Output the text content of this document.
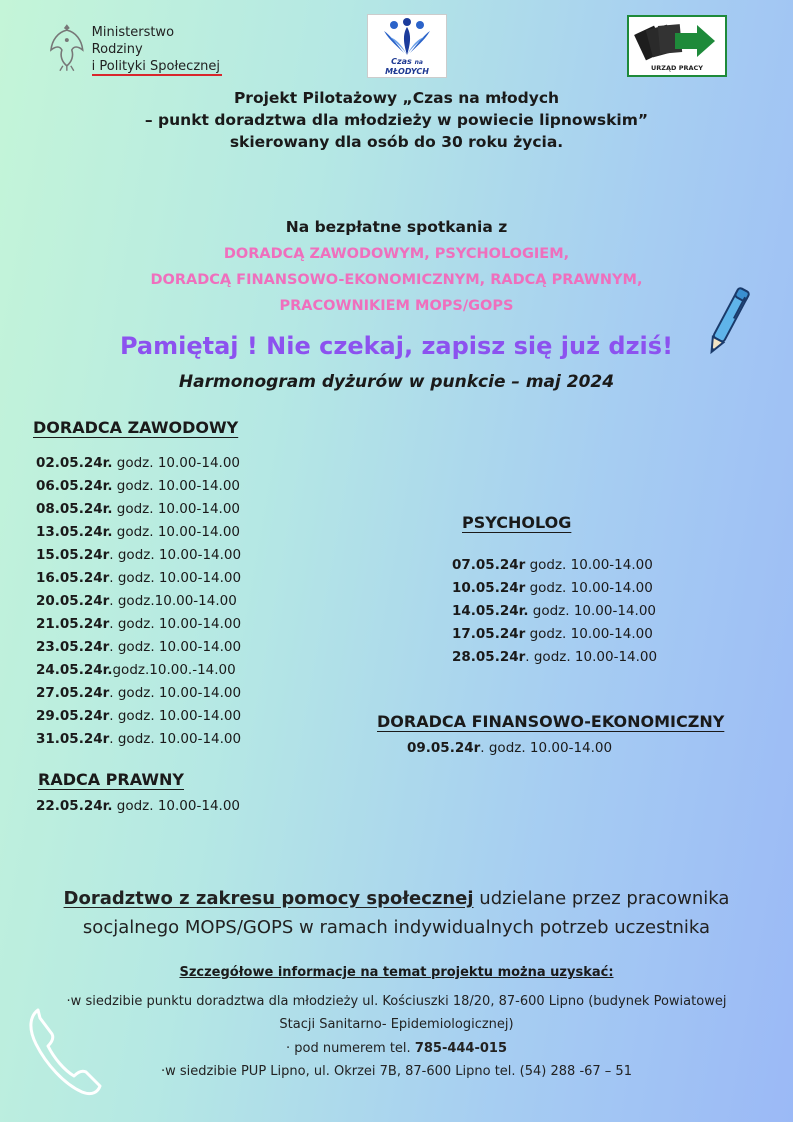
Ministerstwo Rodziny
i Polityki Społecznej	Czas na
MŁODYCH	URZĄD PRACY
Projekt Pilotażowy „Czas na młodych
– punkt doradztwa dla młodzieży w powiecie lipnowskim”
skierowany dla osób do 30 roku życia.
Na bezpłatne spotkania z
DORADCĄ ZAWODOWYM, PSYCHOLOGIEM,
DORADCĄ FINANSOWO-EKONOMICZNYM, RADCĄ PRAWNYM,
PRACOWNIKIEM MOPS/GOPS
Pamiętaj ! Nie czekaj, zapisz się już dziś!
Harmonogram dyżurów w punkcie – maj 2024
DORADCA ZAWODOWY
02.05.24r. godz. 10.00-14.00
06.05.24r. godz. 10.00-14.00
08.05.24r. godz. 10.00-14.00
13.05.24r. godz. 10.00-14.00
15.05.24r. godz. 10.00-14.00
16.05.24r. godz. 10.00-14.00
20.05.24r. godz.10.00-14.00
21.05.24r. godz. 10.00-14.00
23.05.24r. godz. 10.00-14.00
24.05.24r.godz.10.00.-14.00
27.05.24r. godz. 10.00-14.00
29.05.24r. godz. 10.00-14.00
31.05.24r. godz. 10.00-14.00
RADCA PRAWNY
22.05.24r. godz. 10.00-14.00
PSYCHOLOG
07.05.24r godz. 10.00-14.00
10.05.24r godz. 10.00-14.00
14.05.24r. godz. 10.00-14.00
17.05.24r godz. 10.00-14.00
28.05.24r. godz. 10.00-14.00
DORADCA FINANSOWO-EKONOMICZNY
09.05.24r. godz. 10.00-14.00
Doradztwo z zakresu pomocy społecznej udzielane przez pracownika
socjalnego MOPS/GOPS w ramach indywidualnych potrzeb uczestnika
Szczegółowe informacje na temat projektu można uzyskać:
·w siedzibie punktu doradztwa dla młodzieży ul. Kościuszki 18/20, 87-600 Lipno (budynek Powiatowej
Stacji Sanitarno- Epidemiologicznej)
· pod numerem tel. 785-444-015
·w siedzibie PUP Lipno, ul. Okrzei 7B, 87-600 Lipno tel. (54) 288 -67 – 51
